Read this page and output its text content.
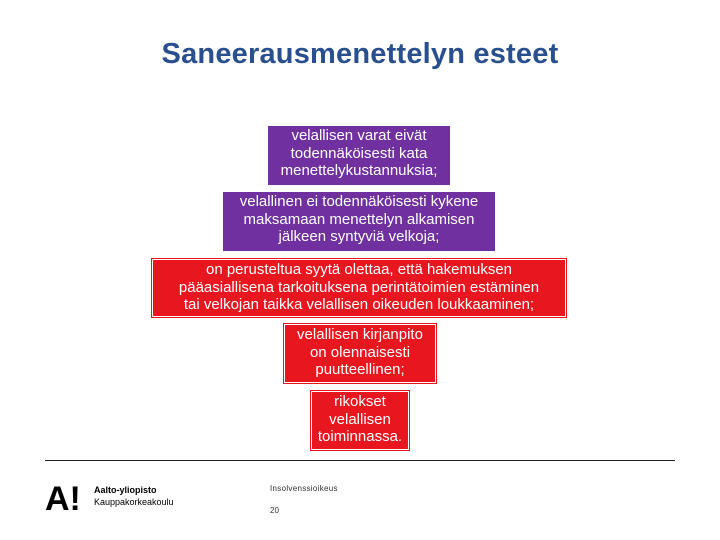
Saneerausmenettelyn esteet
velallisen varat eivät
todennäköisesti kata
menettelykustannuksia;
velallinen ei todennäköisesti kykene
maksamaan menettelyn alkamisen
jälkeen syntyviä velkoja;
on perusteltua syytä olettaa, että hakemuksen
pääasiallisena tarkoituksena perintätoimien estäminen
tai velkojan taikka velallisen oikeuden loukkaaminen;
velallisen kirjanpito
on olennaisesti
puutteellinen;
rikokset
velallisen
toiminnassa.
A! Aalto-yliopisto
Kauppakorkeakoulu
Insolvenssioikeus
20
